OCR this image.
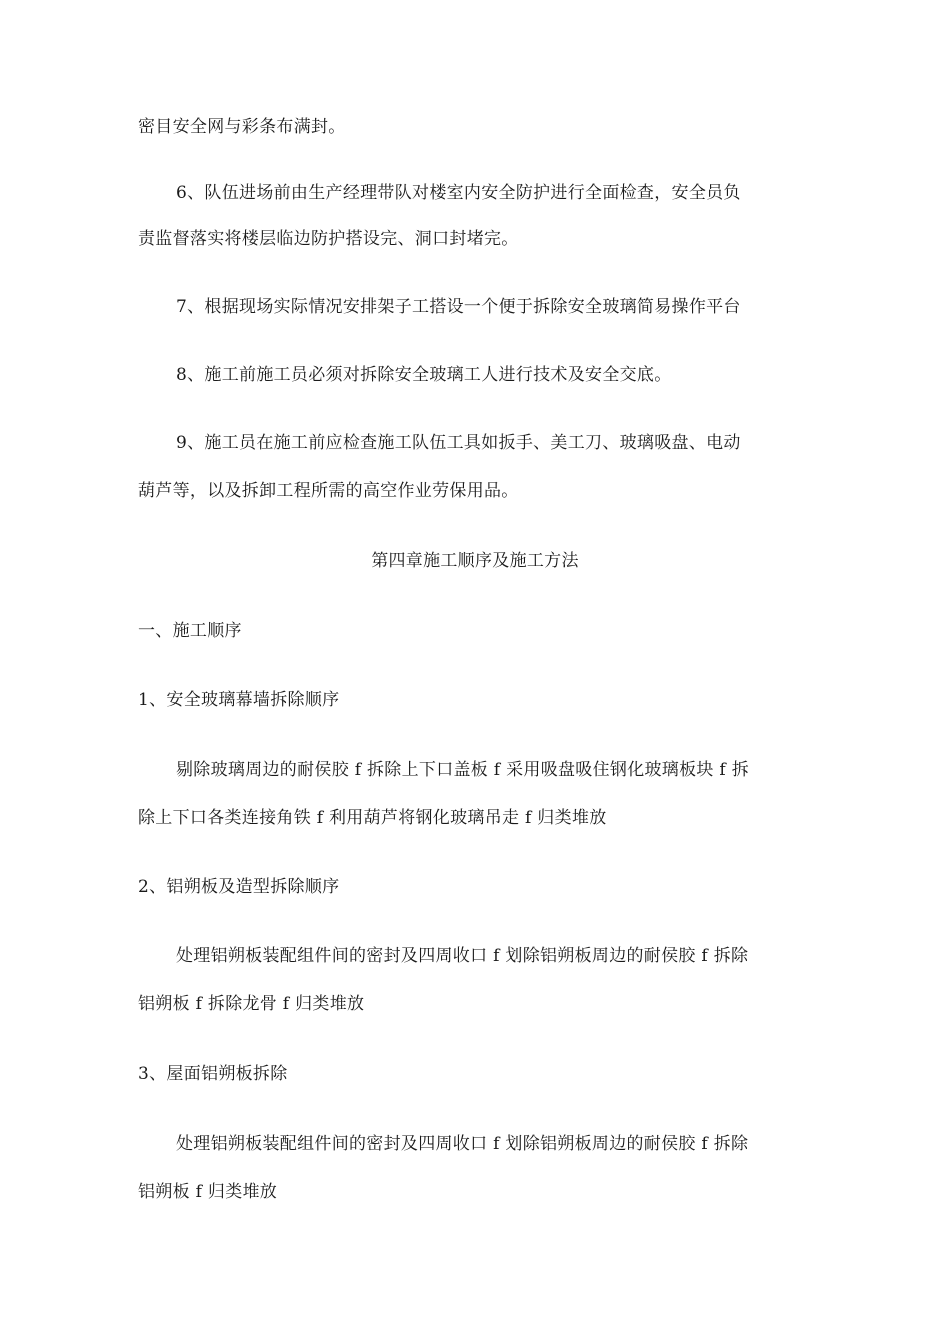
密目安全网与彩条布满封。
6、队伍进场前由生产经理带队对楼室内安全防护进行全面检查，安全员负
责监督落实将楼层临边防护搭设完、洞口封堵完。
7、根据现场实际情况安排架子工搭设一个便于拆除安全玻璃简易操作平台
8、施工前施工员必须对拆除安全玻璃工人进行技术及安全交底。
9、施工员在施工前应检查施工队伍工具如扳手、美工刀、玻璃吸盘、电动
葫芦等，以及拆卸工程所需的高空作业劳保用品。
第四章施工顺序及施工方法
一、施工顺序
1、安全玻璃幕墙拆除顺序
剔除玻璃周边的耐侯胶 f 拆除上下口盖板 f 采用吸盘吸住钢化玻璃板块 f 拆
除上下口各类连接角铁 f 利用葫芦将钢化玻璃吊走 f 归类堆放
2、铝朔板及造型拆除顺序
处理铝朔板装配组件间的密封及四周收口 f 划除铝朔板周边的耐侯胶 f 拆除
铝朔板 f 拆除龙骨 f 归类堆放
3、屋面铝朔板拆除
处理铝朔板装配组件间的密封及四周收口 f 划除铝朔板周边的耐侯胶 f 拆除
铝朔板 f 归类堆放
